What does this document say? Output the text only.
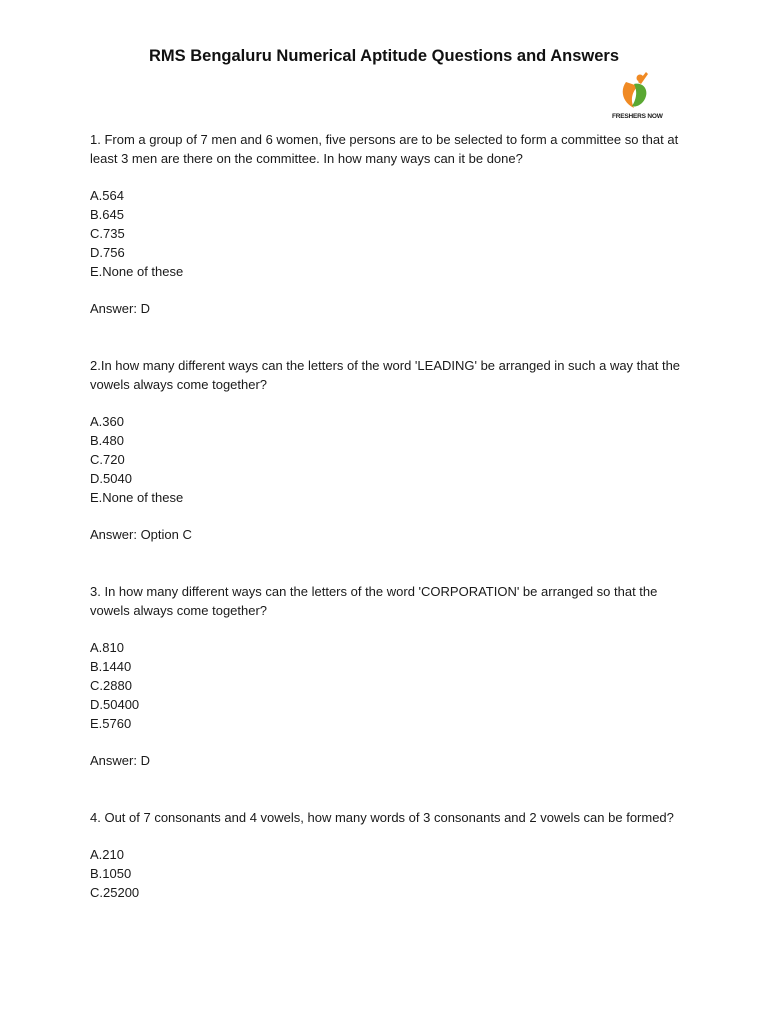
RMS Bengaluru Numerical Aptitude Questions and Answers
FRESHERS NOW

1. From a group of 7 men and 6 women, five persons are to be selected to form a committee so that at least 3 men are there on the committee. In how many ways can it be done?

A.564
B.645
C.735
D.756
E.None of these
Answer: D

2.In how many different ways can the letters of the word 'LEADING' be arranged in such a way that the vowels always come together?

A.360
B.480
C.720
D.5040
E.None of these
Answer: Option C

3. In how many different ways can the letters of the word 'CORPORATION' be arranged so that the vowels always come together?

A.810
B.1440
C.2880
D.50400
E.5760
Answer: D

4. Out of 7 consonants and 4 vowels, how many words of 3 consonants and 2 vowels can be formed?

A.210
B.1050
C.25200
